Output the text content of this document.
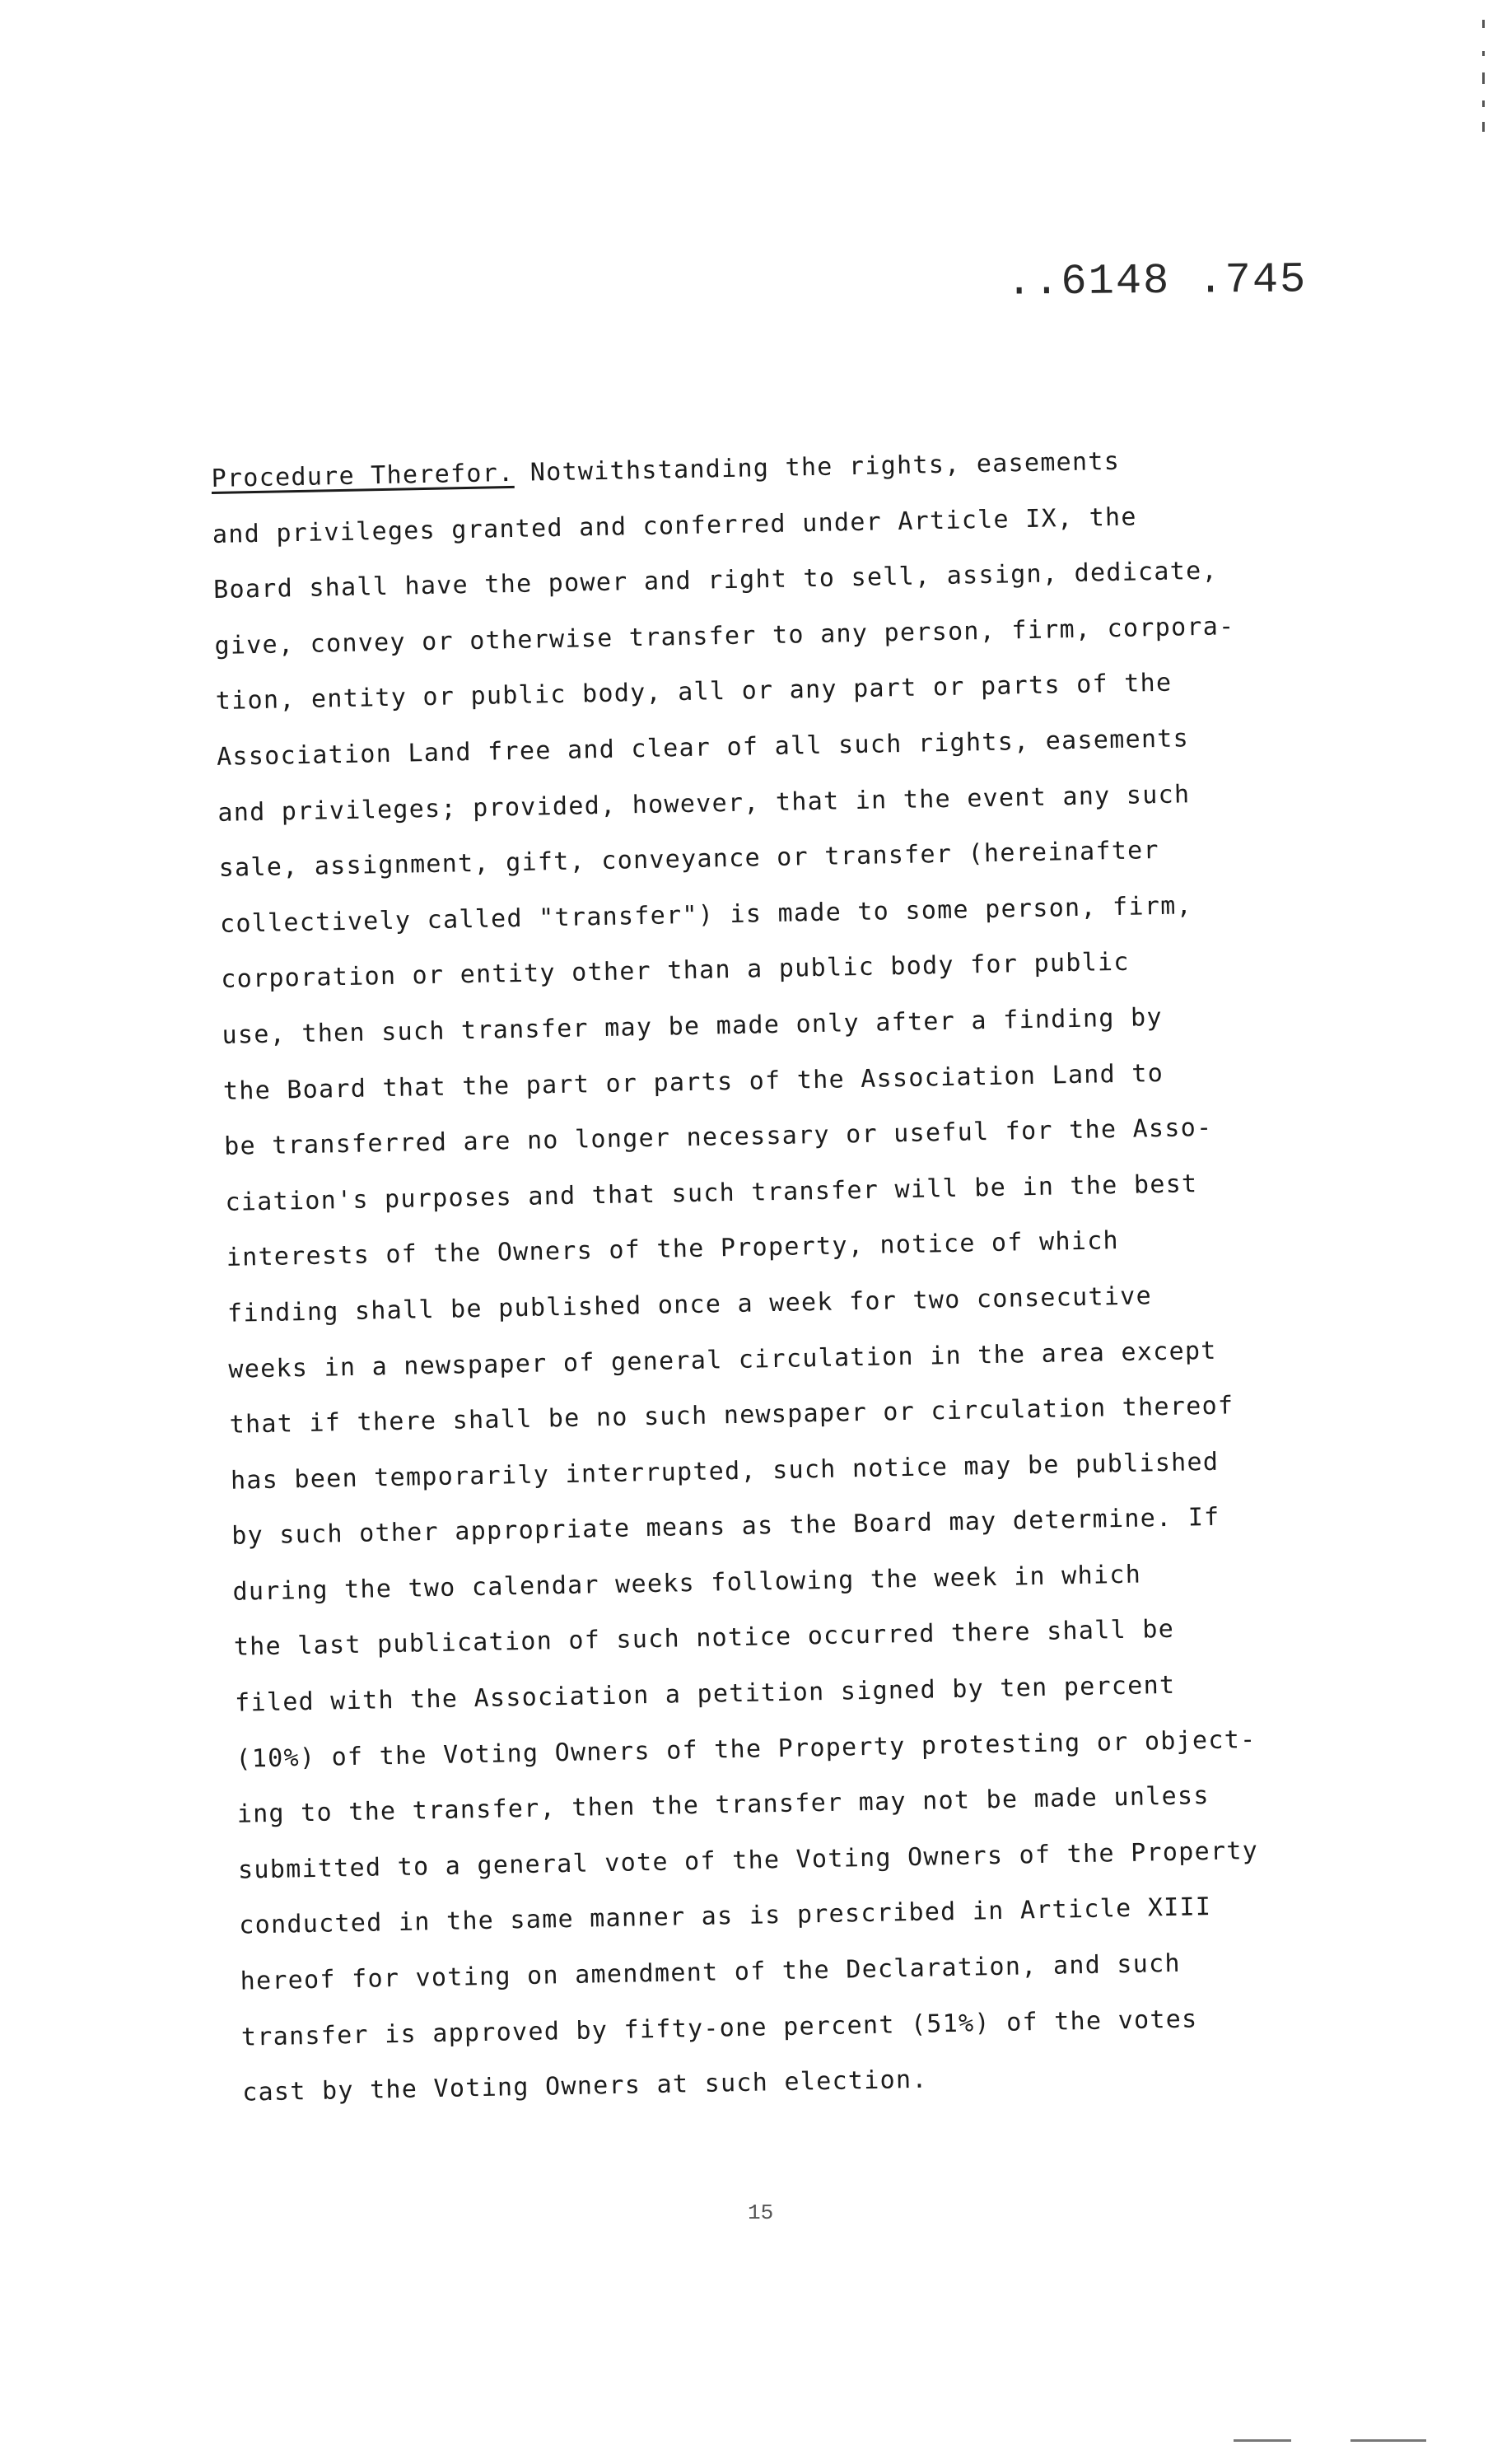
..6148 .745
Procedure Therefor. Notwithstanding the rights, easements
and privileges granted and conferred under Article IX, the
Board shall have the power and right to sell, assign, dedicate,
give, convey or otherwise transfer to any person, firm, corpora-
tion, entity or public body, all or any part or parts of the
Association Land free and clear of all such rights, easements
and privileges; provided, however, that in the event any such
sale, assignment, gift, conveyance or transfer (hereinafter
collectively called "transfer") is made to some person, firm,
corporation or entity other than a public body for public
use, then such transfer may be made only after a finding by
the Board that the part or parts of the Association Land to
be transferred are no longer necessary or useful for the Asso-
ciation's purposes and that such transfer will be in the best
interests of the Owners of the Property, notice of which
finding shall be published once a week for two consecutive
weeks in a newspaper of general circulation in the area except
that if there shall be no such newspaper or circulation thereof
has been temporarily interrupted, such notice may be published
by such other appropriate means as the Board may determine. If
during the two calendar weeks following the week in which
the last publication of such notice occurred there shall be
filed with the Association a petition signed by ten percent
(10%) of the Voting Owners of the Property protesting or object-
ing to the transfer, then the transfer may not be made unless
submitted to a general vote of the Voting Owners of the Property
conducted in the same manner as is prescribed in Article XIII
hereof for voting on amendment of the Declaration, and such
transfer is approved by fifty-one percent (51%) of the votes
cast by the Voting Owners at such election.
15
